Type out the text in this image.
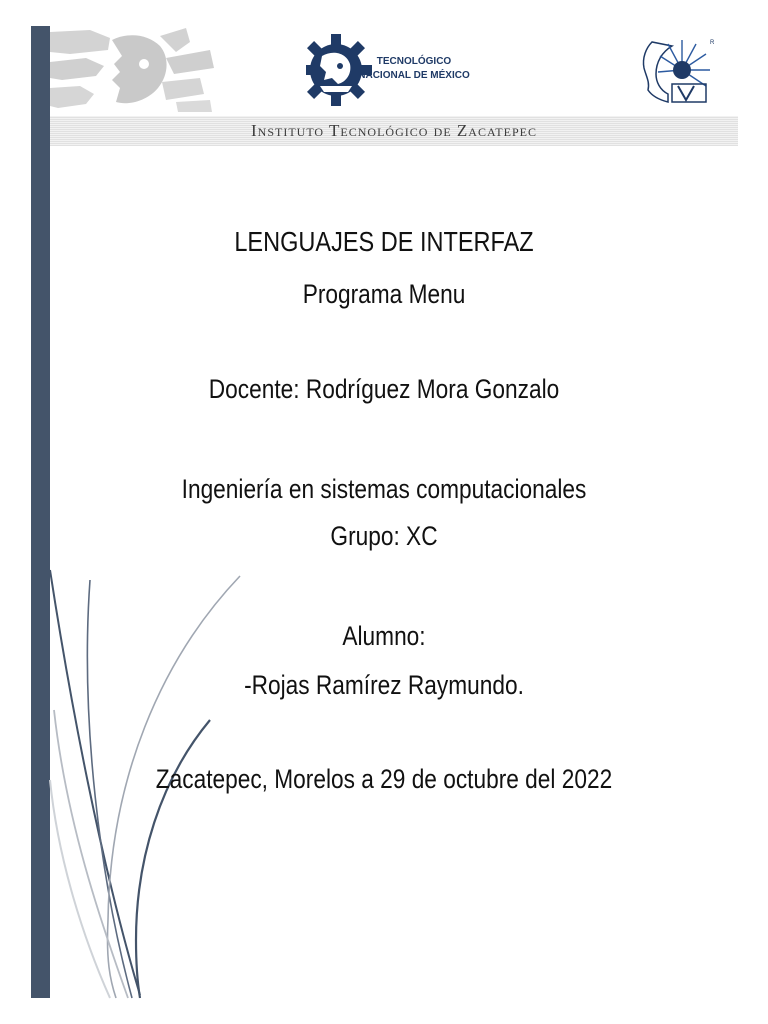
TECNOLÓGICO
NACIONAL DE MÉXICO
R
Instituto Tecnológico de Zacatepec
LENGUAJES DE INTERFAZ
Programa Menu
Docente: Rodríguez Mora Gonzalo
Ingeniería en sistemas computacionales
Grupo: XC
Alumno:
-Rojas Ramírez Raymundo.
Zacatepec, Morelos a 29 de octubre del 2022
